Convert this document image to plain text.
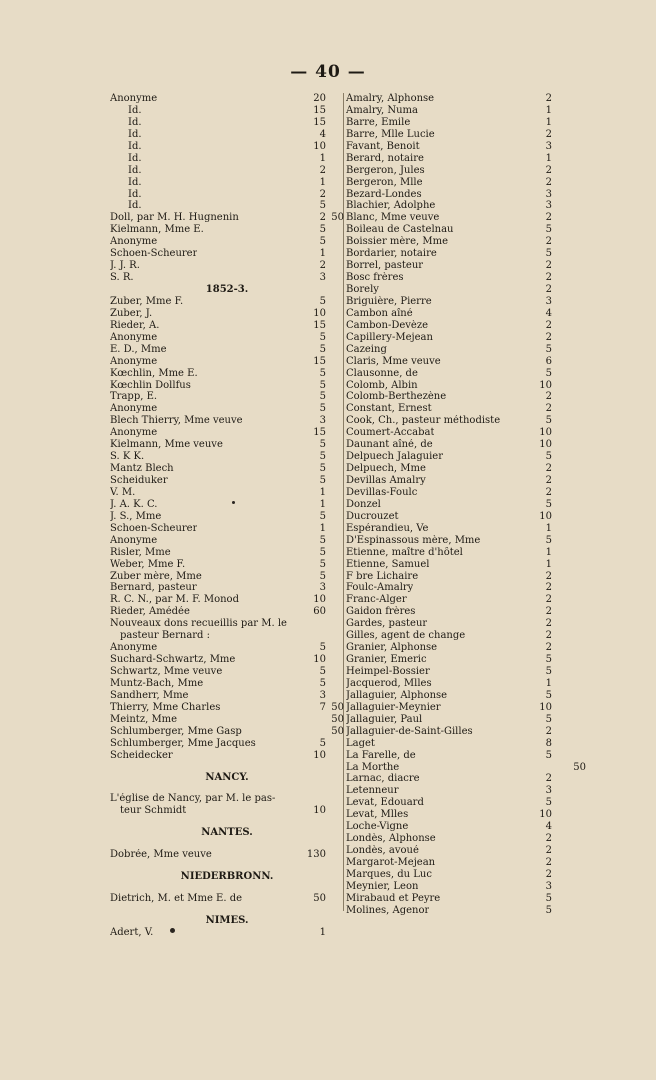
— 40 —
Anonyme	20
Id.	15
Id.	15
Id.	4
Id.	10
Id.	1
Id.	2
Id.	1
Id.	2
Id.	5
Doll, par M. H. Hugnenin	2 50
Kielmann, Mme E.	5
Anonyme	5
Schoen-Scheurer	1
J. J. R.	2
S. R.	3
1852-3.
Zuber, Mme F.	5
Zuber, J.	10
Rieder, A.	15
Anonyme	5
E. D., Mme	5
Anonyme	15
Kœchlin, Mme E.	5
Kœchlin Dollfus	5
Trapp, E.	5
Anonyme	5
Blech Thierry, Mme veuve	3
Anonyme	15
Kielmann, Mme veuve	5
S. K K.	5
Mantz Blech	5
Scheiduker	5
V. M.	1
J. A. K. C.	1
J. S., Mme	5
Schoen-Scheurer	1
Anonyme	5
Risler, Mme	5
Weber, Mme F.	5
Zuber mère, Mme	5
Bernard, pasteur	3
R. C. N., par M. F. Monod	10
Rieder, Amédée	60
Nouveaux dons recueillis par M. le
pasteur Bernard :
Anonyme	5
Suchard-Schwartz, Mme	10
Schwartz, Mme veuve	5
Muntz-Bach, Mme	5
Sandherr, Mme	3
Thierry, Mme Charles	7 50
Meintz, Mme	50
Schlumberger, Mme Gasp	50
Schlumberger, Mme Jacques	5
Scheidecker	10
NANCY.
L'église de Nancy, par M. le pas-
teur Schmidt	10
NANTES.
Dobrée, Mme veuve	130
NIEDERBRONN.
Dietrich, M. et Mme E. de	50
NIMES.
Adert, V.	1
Amalry, Alphonse	2
Amalry, Numa	1
Barre, Emile	1
Barre, Mlle Lucie	2
Favant, Benoit	3
Berard, notaire	1
Bergeron, Jules	2
Bergeron, Mlle	2
Bezard-Londes	3
Blachier, Adolphe	3
Blanc, Mme veuve	2
Boileau de Castelnau	5
Boissier mère, Mme	2
Bordarier, notaire	5
Borrel, pasteur	2
Bosc frères	2
Borely	2
Briguière, Pierre	3
Cambon aîné	4
Cambon-Devèze	2
Capillery-Mejean	2
Cazeing	5
Claris, Mme veuve	6
Clausonne, de	5
Colomb, Albin	10
Colomb-Berthezène	2
Constant, Ernest	2
Cook, Ch., pasteur méthodiste	5
Coumert-Accabat	10
Daunant aîné, de	10
Delpuech Jalaguier	5
Delpuech, Mme	2
Devillas Amalry	2
Devillas-Foulc	2
Donzel	5
Ducrouzet	10
Espérandieu, Ve	1
D'Espinassous mère, Mme	5
Etienne, maître d'hôtel	1
Etienne, Samuel	1
F bre Lichaire	2
Foulc-Amalry	2
Franc-Alger	2
Gaidon frères	2
Gardes, pasteur	2
Gilles, agent de change	2
Granier, Alphonse	2
Granier, Emeric	5
Heimpel-Bossier	5
Jacquerod, Mlles	1
Jallaguier, Alphonse	5
Jallaguier-Meynier	10
Jallaguier, Paul	5
Jallaguier-de-Saint-Gilles	2
Laget	8
La Farelle, de	5
La Morthe	50
Larnac, diacre	2
Letenneur	3
Levat, Edouard	5
Levat, Mlles	10
Loche-Vigne	4
Londès, Alphonse	2
Londès, avoué	2
Margarot-Mejean	2
Marques, du Luc	2
Meynier, Leon	3
Mirabaud et Peyre	5
Molines, Agenor	5
